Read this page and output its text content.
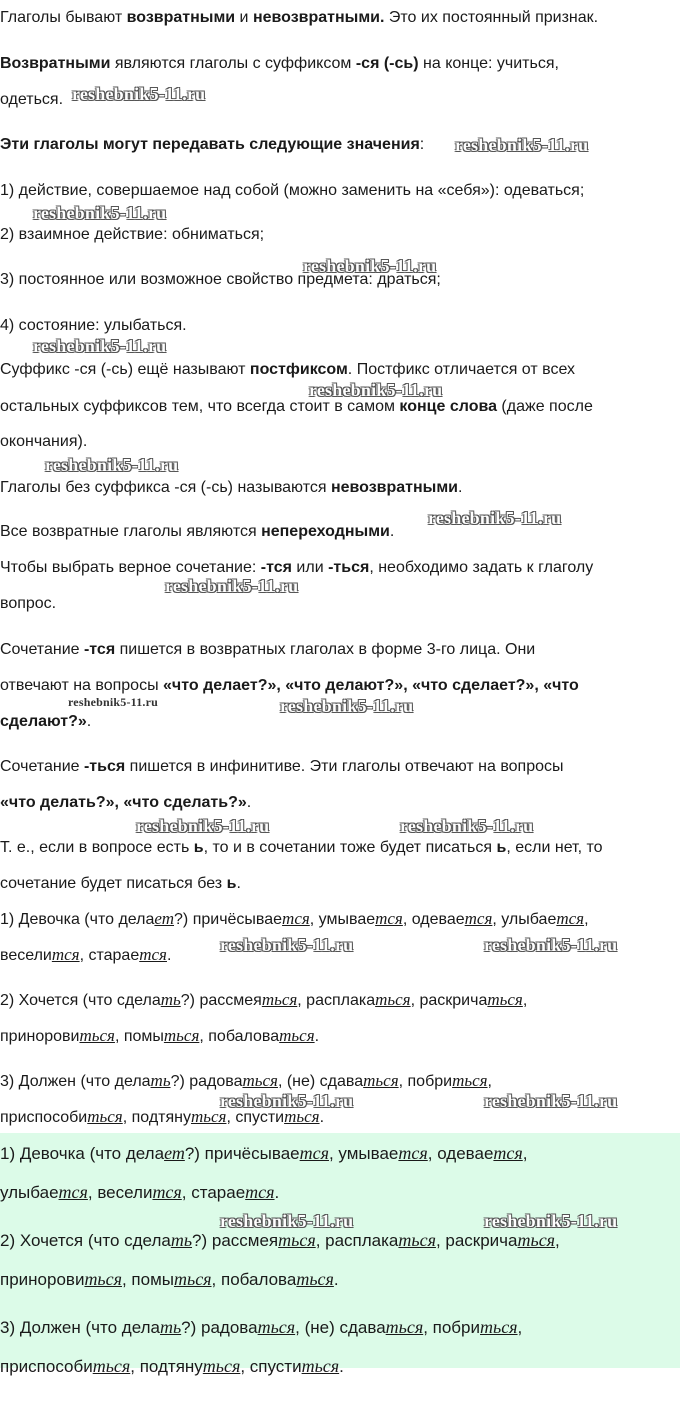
Глаголы бывают возвратными и невозвратными. Это их постоянный признак.
Возвратными являются глаголы с суффиксом -ся (-сь) на конце: учиться,
одеться.
Эти глаголы могут передавать следующие значения:
1) действие, совершаемое над собой (можно заменить на «себя»): одеваться;
2) взаимное действие: обниматься;
3) постоянное или возможное свойство предмета: драться;
4) состояние: улыбаться.
Суффикс -ся (-сь) ещё называют постфиксом. Постфикс отличается от всех
остальных суффиксов тем, что всегда стоит в самом конце слова (даже после
окончания).
Глаголы без суффикса -ся (-сь) называются невозвратными.
Все возвратные глаголы являются непереходными.
Чтобы выбрать верное сочетание: -тся или -ться, необходимо задать к глаголу
вопрос.
Сочетание -тся пишется в возвратных глаголах в форме 3-го лица. Они
отвечают на вопросы «что делает?», «что делают?», «что сделает?», «что
сделают?».
Сочетание -ться пишется в инфинитиве. Эти глаголы отвечают на вопросы
«что делать?», «что сделать?».
Т. е., если в вопросе есть ь, то и в сочетании тоже будет писаться ь, если нет, то
сочетание будет писаться без ь.
1) Девочка (что делает?) причёсывается, умывается, одевается, улыбается,
веселится, старается.
2) Хочется (что сделать?) рассмеяться, расплакаться, раскричаться,
приноровиться, помыться, побаловаться.
3) Должен (что делать?) радоваться, (не) сдаваться, побриться,
приспособиться, подтянуться, спуститься.
1) Девочка (что делает?) причёсывается, умывается, одевается,
улыбается, веселится, старается.
2) Хочется (что сделать?) рассмеяться, расплакаться, раскричаться,
приноровиться, помыться, побаловаться.
3) Должен (что делать?) радоваться, (не) сдаваться, побриться,
приспособиться, подтянуться, спуститься.
reshebnik5-11.ru
reshebnik5-11.ru
reshebnik5-11.ru
reshebnik5-11.ru
reshebnik5-11.ru
reshebnik5-11.ru
reshebnik5-11.ru
reshebnik5-11.ru
reshebnik5-11.ru
reshebnik5-11.ru	reshebnik5-11.ru
reshebnik5-11.ru	reshebnik5-11.ru
reshebnik5-11.ru	reshebnik5-11.ru
reshebnik5-11.ru	reshebnik5-11.ru
reshebnik5-11.ru	reshebnik5-11.ru
